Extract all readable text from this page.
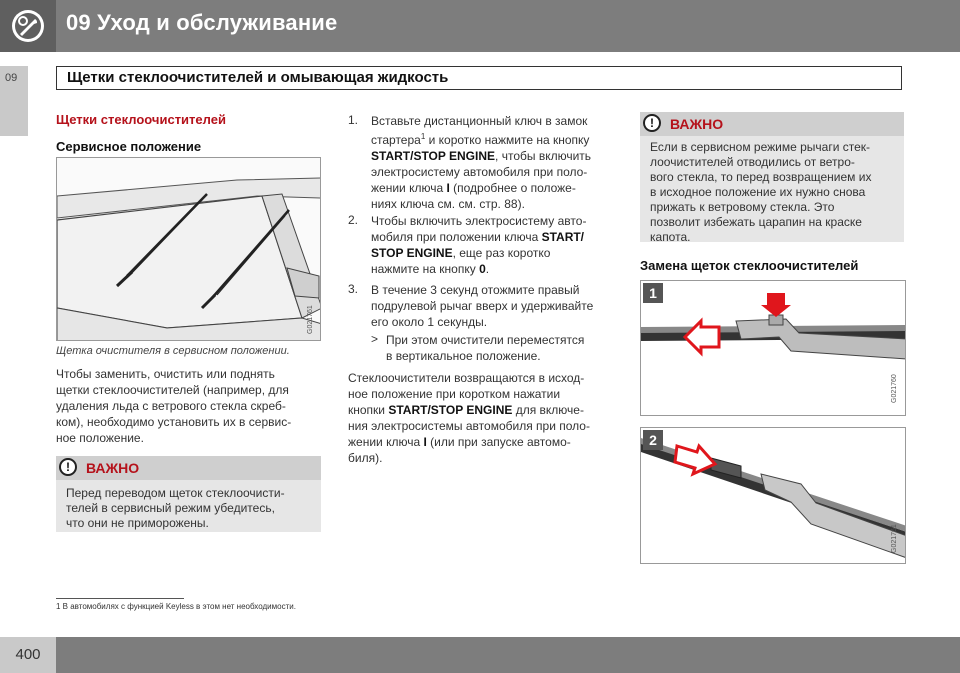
09 Уход и обслуживание
09	Щетки стеклоочистителей и омывающая жидкость
Щетки стеклоочистителей
Сервисное положение
G021761
Щетка очистителя в сервисном положении.
Чтобы заменить, очистить или поднять
щетки стеклоочистителей (например, для
удаления льда с ветрового стекла скреб-
ком), необходимо установить их в сервис-
ное положение.
!	ВАЖНО
Перед переводом щеток стеклоочисти-
телей в сервисный режим убедитесь,
что они не приморожены.
1. Вставьте дистанционный ключ в замок
стартера$^1$ и коротко нажмите на кнопку
START/STOP ENGINE, чтобы включить
электросистему автомобиля при поло-
жении ключа I (подробнее о положе-
ниях ключа см. см. стр. 88).
2. Чтобы включить электросистему авто-
мобиля при положении ключа START/
STOP ENGINE, еще раз коротко
нажмите на кнопку 0.
3. В течение 3 секунд отожмите правый
подрулевой рычаг вверх и удерживайте
его около 1 секунды.
> При этом очистители переместятся
в вертикальное положение.
Стеклоочистители возвращаются в исход-
ное положение при коротком нажатии
кнопки START/STOP ENGINE для включе-
ния электросистемы автомобиля при поло-
жении ключа I (или при запуске автомо-
биля).
!	ВАЖНО
Если в сервисном режиме рычаги стек-
лоочистителей отводились от ветро-
вого стекла, то перед возвращением их
в исходное положение их нужно снова
прижать к ветровому стекла. Это
позволит избежать царапин на краске
капота.
Замена щеток стеклоочистителей
1
G021760
2
G021761
1 В автомобилях с функцией Keyless в этом нет необходимости.
400
